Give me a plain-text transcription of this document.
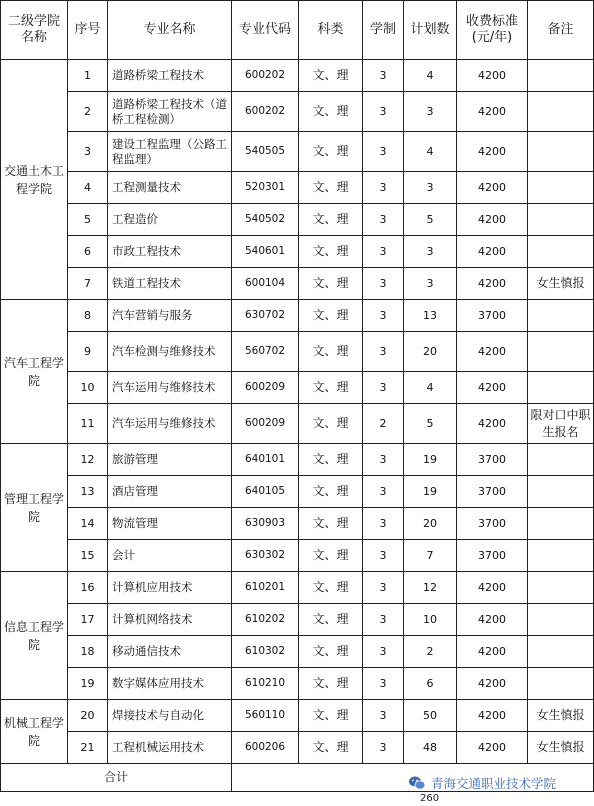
二级学院名称	序号	专业名称	专业代码	科类	学制	计划数	收费标准(元/年)	备注
交通土木工程学院	1	道路桥梁工程技术	600202	文、理	3	4	4200	
	2	道路桥梁工程技术（道桥工程检测）	600202	文、理	3	3	4200	
	3	建设工程监理（公路工程监理）	540505	文、理	3	4	4200	
	4	工程测量技术	520301	文、理	3	3	4200	
	5	工程造价	540502	文、理	3	5	4200	
	6	市政工程技术	540601	文、理	3	3	4200	
	7	铁道工程技术	600104	文、理	3	3	4200	女生慎报
汽车工程学院	8	汽车营销与服务	630702	文、理	3	13	3700	
	9	汽车检测与维修技术	560702	文、理	3	20	4200	
	10	汽车运用与维修技术	600209	文、理	3	4	4200	
	11	汽车运用与维修技术	600209	文、理	2	5	4200	限对口中职生报名
管理工程学院	12	旅游管理	640101	文、理	3	19	3700	
	13	酒店管理	640105	文、理	3	19	3700	
	14	物流管理	630903	文、理	3	20	3700	
	15	会计	630302	文、理	3	7	3700	
信息工程学院	16	计算机应用技术	610201	文、理	3	12	4200	
	17	计算机网络技术	610202	文、理	3	10	4200	
	18	移动通信技术	610302	文、理	3	2	4200	
	19	数字媒体应用技术	610210	文、理	3	6	4200	
机械工程学院	20	焊接技术与自动化	560110	文、理	3	50	4200	女生慎报
	21	工程机械运用技术	600206	文、理	3	48	4200	女生慎报
合计								
260
青海交通职业技术学院
